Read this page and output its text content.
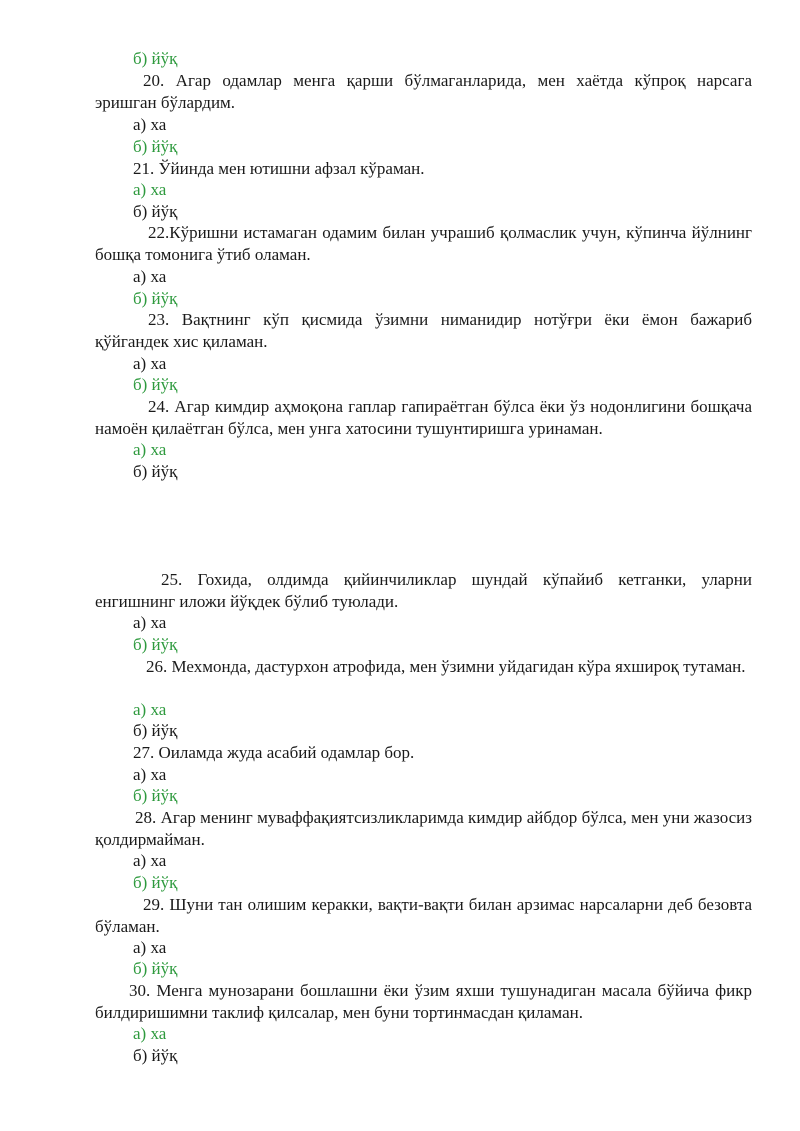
б) йўқ
20. Агар одамлар менга қарши бўлмаганларида, мен хаётда кўпроқ нарсага эришган бўлардим.
а) ха
б) йўқ
21. Ўйинда мен ютишни афзал кўраман.
а) ха
б) йўқ
22.Кўришни истамаган одамим билан учрашиб қолмаслик учун, кўпинча йўлнинг бошқа томонига ўтиб оламан.
а) ха
б) йўқ
23. Вақтнинг кўп қисмида ўзимни ниманидир нотўғри ёки ёмон бажариб қўйгандек хис қиламан.
а) ха
б) йўқ
24. Агар кимдир аҳмоқона гаплар гапираётган бўлса ёки ўз нодонлигини бошқача намоён қилаётган бўлса, мен унга хатосини тушунтиришга уринаман.
а) ха
б) йўқ
25. Гохида, олдимда қийинчиликлар шундай кўпайиб кетганки, уларни енгишнинг иложи йўқдек бўлиб туюлади.
а) ха
б) йўқ
26. Мехмонда, дастурхон атрофида, мен ўзимни уйдагидан кўра яхшироқ тутаман.
а) ха
б) йўқ
27. Оиламда жуда асабий одамлар бор.
а) ха
б) йўқ
28. Агар менинг муваффақиятсизликларимда кимдир айбдор бўлса, мен уни жазосиз қолдирмайман.
а) ха
б) йўқ
29. Шуни тан олишим керакки, вақти-вақти билан арзимас нарсаларни деб безовта бўламан.
а) ха
б) йўқ
30. Менга мунозарани бошлашни ёки ўзим яхши тушунадиган масала бўйича фикр билдиришимни таклиф қилсалар, мен буни тортинмасдан қиламан.
а) ха
б) йўқ
